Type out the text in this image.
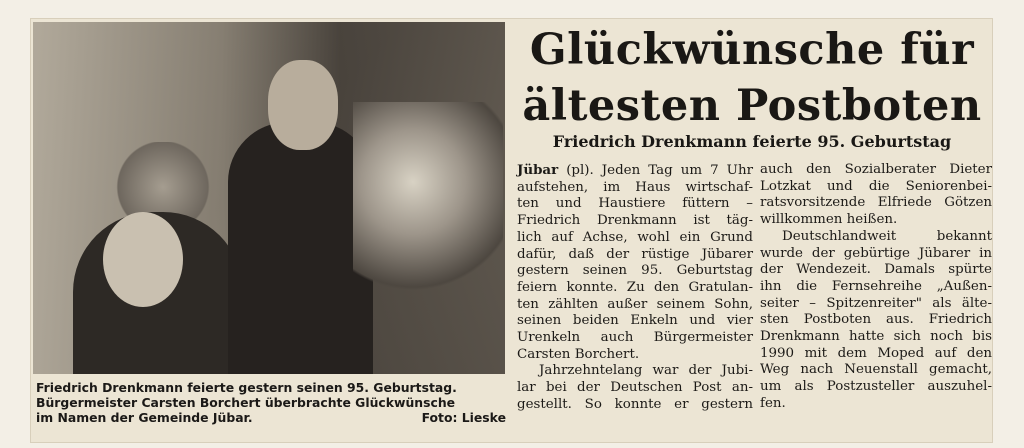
Friedrich Drenkmann feierte gestern seinen 95. Geburtstag.
Bürgermeister Carsten Borchert überbrachte Glückwünsche
im Namen der Gemeinde Jübar.	Foto: Lieske

Glückwünsche für
ältesten Postboten
Friedrich Drenkmann feierte 95. Geburtstag
Jübar (pl). Jeden Tag um 7 Uhr
aufstehen, im Haus wirtschaf-
ten und Haustiere füttern –
Friedrich Drenkmann ist täg-
lich auf Achse, wohl ein Grund
dafür, daß der rüstige Jübarer
gestern seinen 95. Geburtstag
feiern konnte. Zu den Gratulan-
ten zählten außer seinem Sohn,
seinen beiden Enkeln und vier
Urenkeln auch Bürgermeister
Carsten Borchert.
Jahrzehntelang war der Jubi-
lar bei der Deutschen Post an-
gestellt. So konnte er gestern
auch den Sozialberater Dieter
Lotzkat und die Seniorenbei-
ratsvorsitzende Elfriede Götzen
willkommen heißen.
Deutschlandweit bekannt
wurde der gebürtige Jübarer in
der Wendezeit. Damals spürte
ihn die Fernsehreihe „Außen-
seiter – Spitzenreiter" als älte-
sten Postboten aus. Friedrich
Drenkmann hatte sich noch bis
1990 mit dem Moped auf den
Weg nach Neuenstall gemacht,
um als Postzusteller auszuhel-
fen.
